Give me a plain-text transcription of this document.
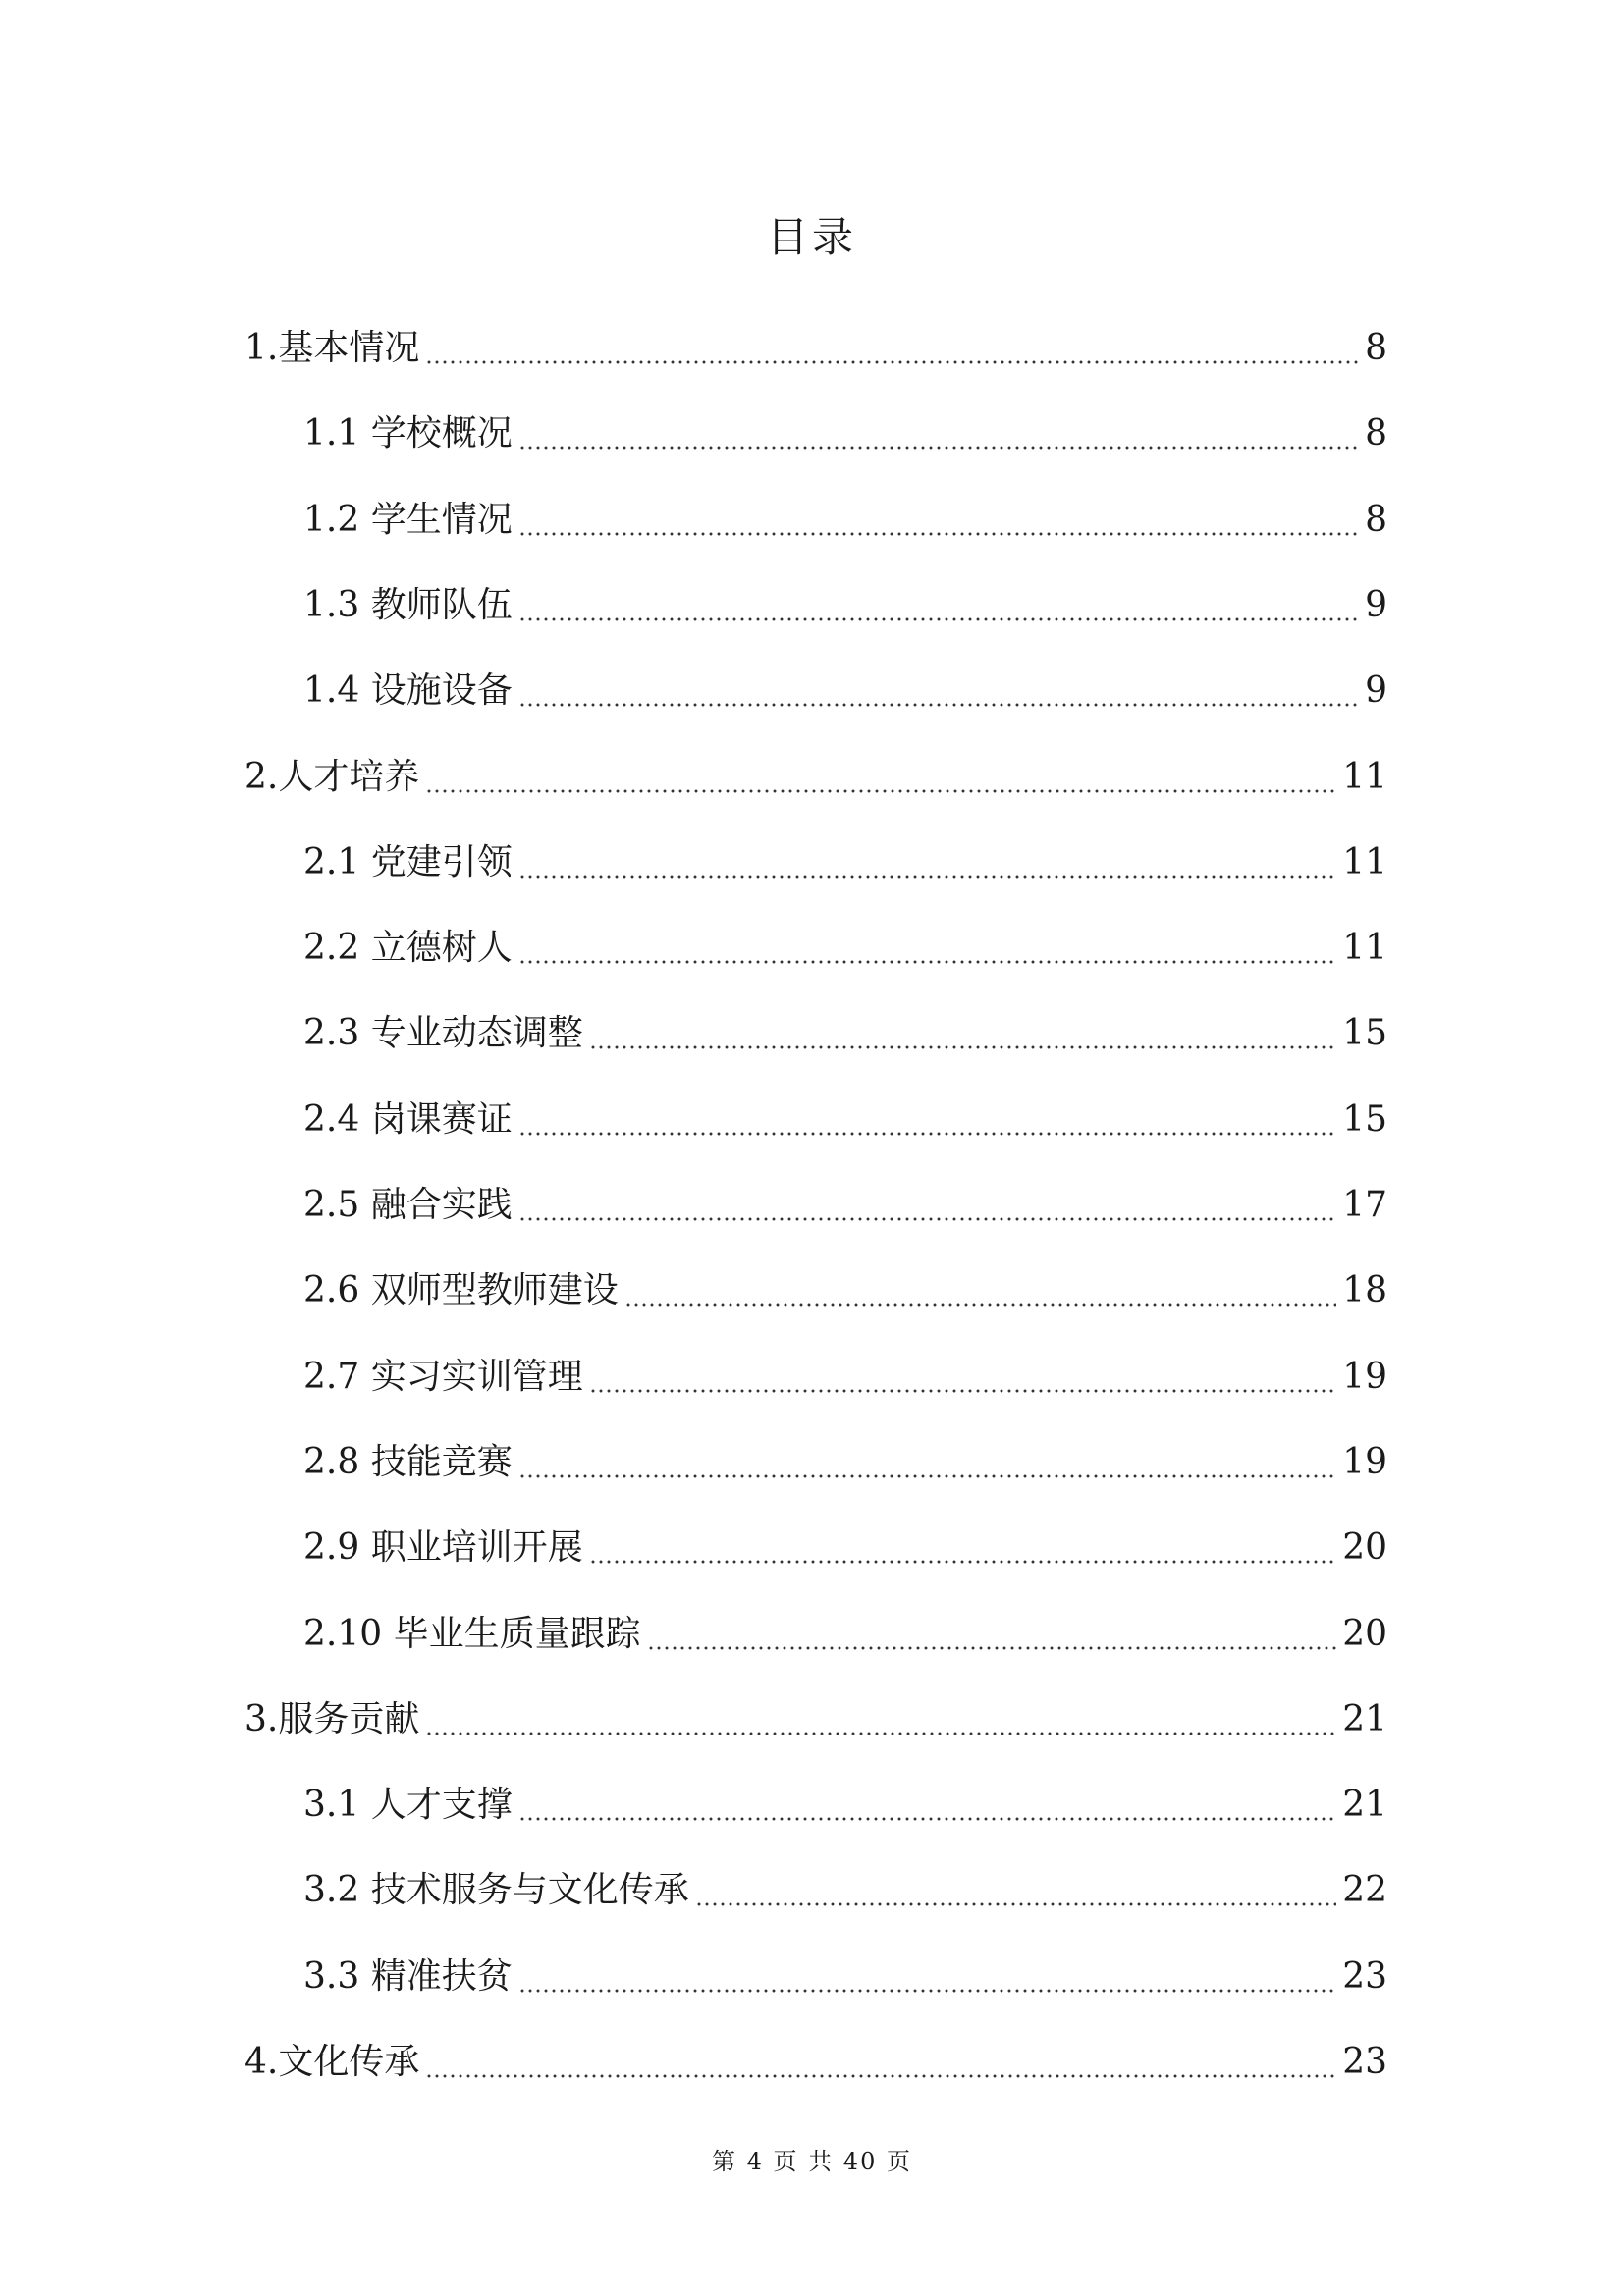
目录
1.基本情况	8
1.1 学校概况	8
1.2 学生情况	8
1.3 教师队伍	9
1.4 设施设备	9
2.人才培养	11
2.1 党建引领	11
2.2 立德树人	11
2.3 专业动态调整	15
2.4 岗课赛证	15
2.5 融合实践	17
2.6 双师型教师建设	18
2.7 实习实训管理	19
2.8 技能竞赛	19
2.9 职业培训开展	20
2.10 毕业生质量跟踪	20
3.服务贡献	21
3.1 人才支撑	21
3.2 技术服务与文化传承	22
3.3 精准扶贫	23
4.文化传承	23
第 4 页 共 40 页
